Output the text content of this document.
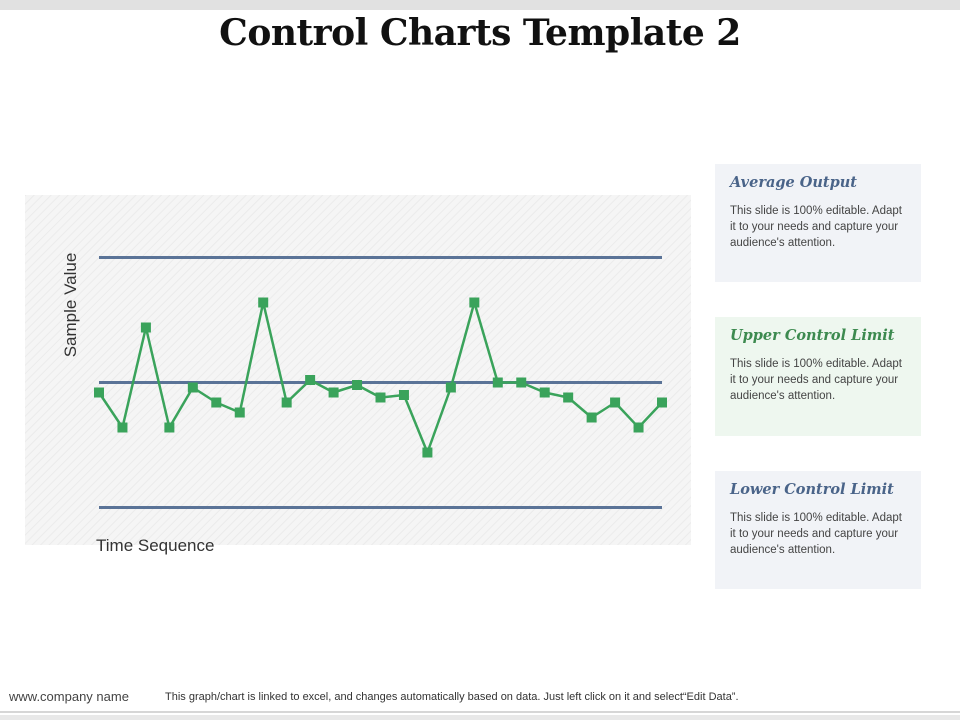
Control Charts Template 2
Sample Value
Time Sequence
Average Output
This slide is 100% editable. Adapt it to your needs and capture your audience's attention.
Upper Control Limit
This slide is 100% editable. Adapt it to your needs and capture your audience's attention.
Lower Control Limit
This slide is 100% editable. Adapt it to your needs and capture your audience's attention.
www.company name	This graph/chart is linked to excel, and changes automatically based on data. Just left click on it and select“Edit Data”.
